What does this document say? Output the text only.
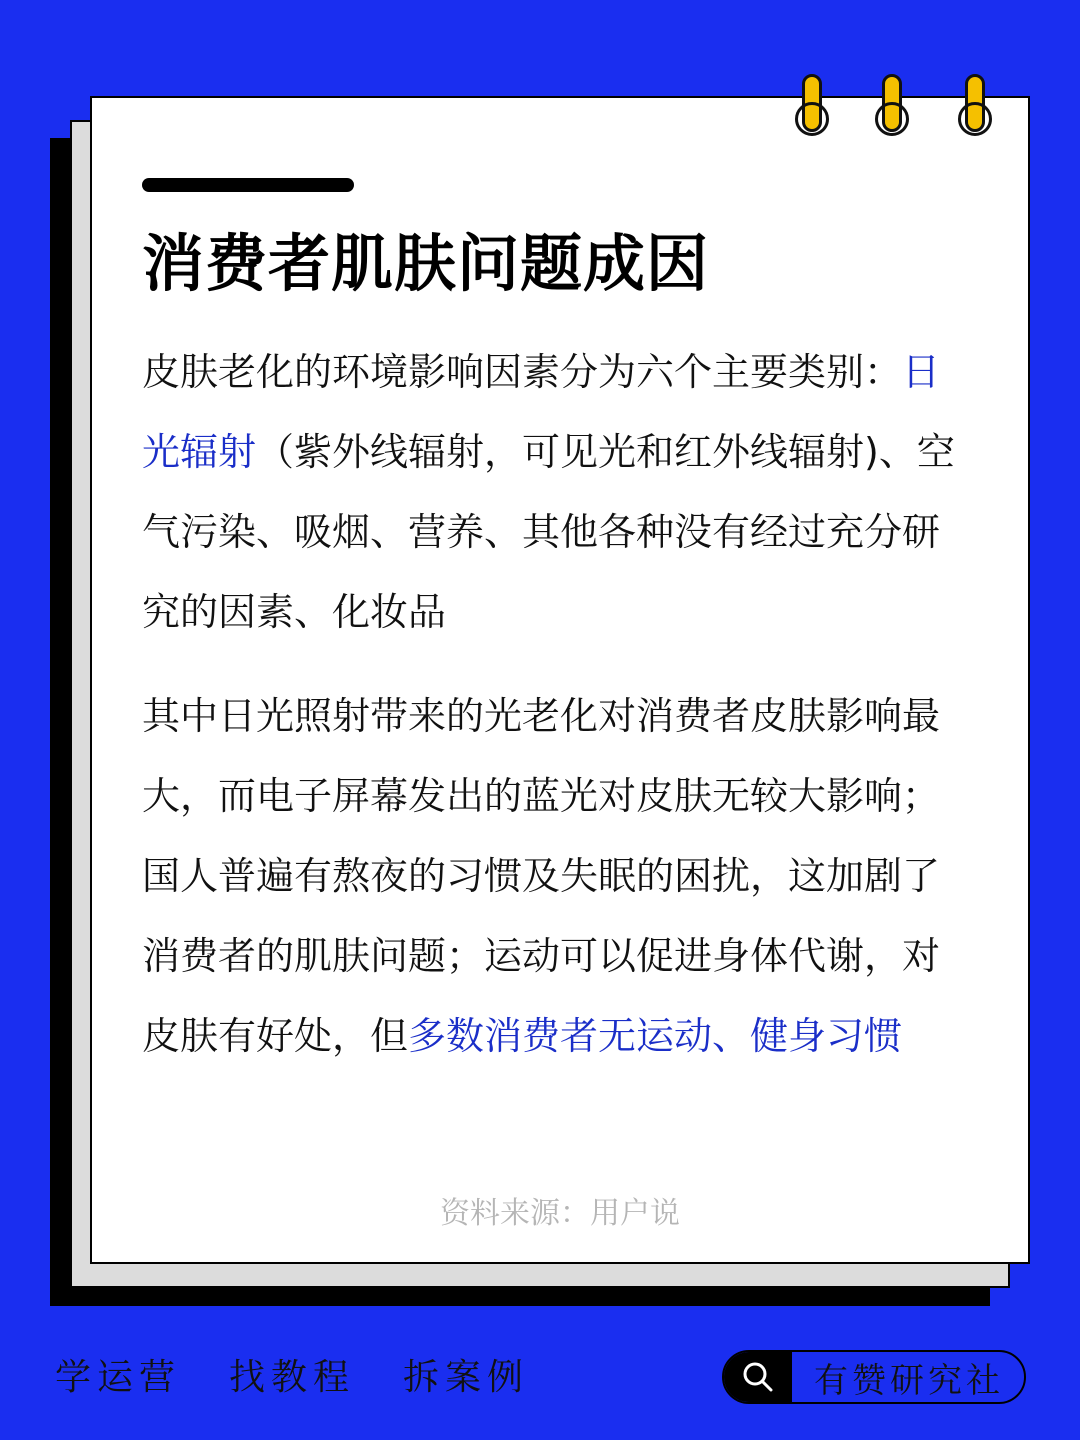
消费者肌肤问题成因

皮肤老化的环境影响因素分为六个主要类别：日光辐射（紫外线辐射，可见光和红外线辐射)、空气污染、吸烟、营养、其他各种没有经过充分研究的因素、化妆品

其中日光照射带来的光老化对消费者皮肤影响最大，而电子屏幕发出的蓝光对皮肤无较大影响；国人普遍有熬夜的习惯及失眠的困扰，这加剧了消费者的肌肤问题；运动可以促进身体代谢，对皮肤有好处，但多数消费者无运动、健身习惯

资料来源：用户说

学运营 找教程 拆案例	有赞研究社
